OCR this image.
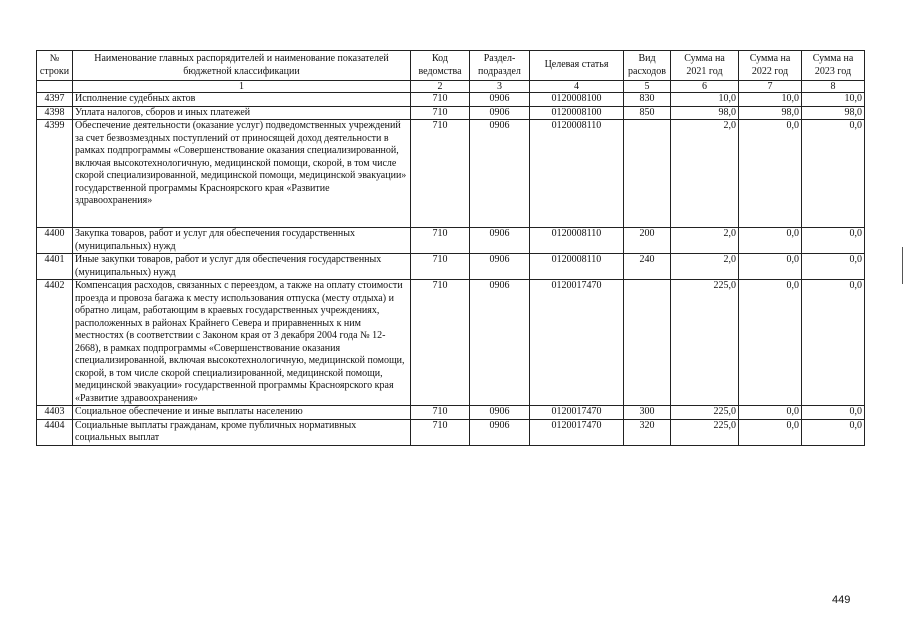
№ строки	Наименование главных распорядителей и наименование показателей бюджетной классификации	Код ведомства	Раздел-подраздел	Целевая статья	Вид расходов	Сумма на 2021 год	Сумма на 2022 год	Сумма на 2023 год
	1	2	3	4	5	6	7	8
4397	Исполнение судебных актов	710	0906	0120008100	830	10,0	10,0	10,0
4398	Уплата налогов, сборов и иных платежей	710	0906	0120008100	850	98,0	98,0	98,0
4399	Обеспечение деятельности (оказание услуг) подведомственных учреждений за счет безвозмездных поступлений от приносящей доход деятельности в рамках подпрограммы «Совершенствование оказания специализированной, включая высокотехнологичную, медицинской помощи, скорой, в том числе скорой специализированной, медицинской помощи, медицинской эвакуации» государственной программы Красноярского края «Развитие здравоохранения»	710	0906	0120008110		2,0	0,0	0,0
4400	Закупка товаров, работ и услуг для обеспечения государственных (муниципальных) нужд	710	0906	0120008110	200	2,0	0,0	0,0
4401	Иные закупки товаров, работ и услуг для обеспечения государственных (муниципальных) нужд	710	0906	0120008110	240	2,0	0,0	0,0
4402	Компенсация расходов, связанных с переездом, а также на оплату стоимости проезда и провоза багажа к месту использования отпуска (месту отдыха) и обратно лицам, работающим в краевых государственных учреждениях, расположенных в районах Крайнего Севера и приравненных к ним местностях (в соответствии с Законом края от 3 декабря 2004 года № 12-2668), в рамках подпрограммы «Совершенствование оказания специализированной, включая высокотехнологичную, медицинской помощи, скорой, в том числе скорой специализированной, медицинской помощи, медицинской эвакуации» государственной программы Красноярского края «Развитие здравоохранения»	710	0906	0120017470		225,0	0,0	0,0
4403	Социальное обеспечение и иные выплаты населению	710	0906	0120017470	300	225,0	0,0	0,0
4404	Социальные выплаты гражданам, кроме публичных нормативных социальных выплат	710	0906	0120017470	320	225,0	0,0	0,0
449
